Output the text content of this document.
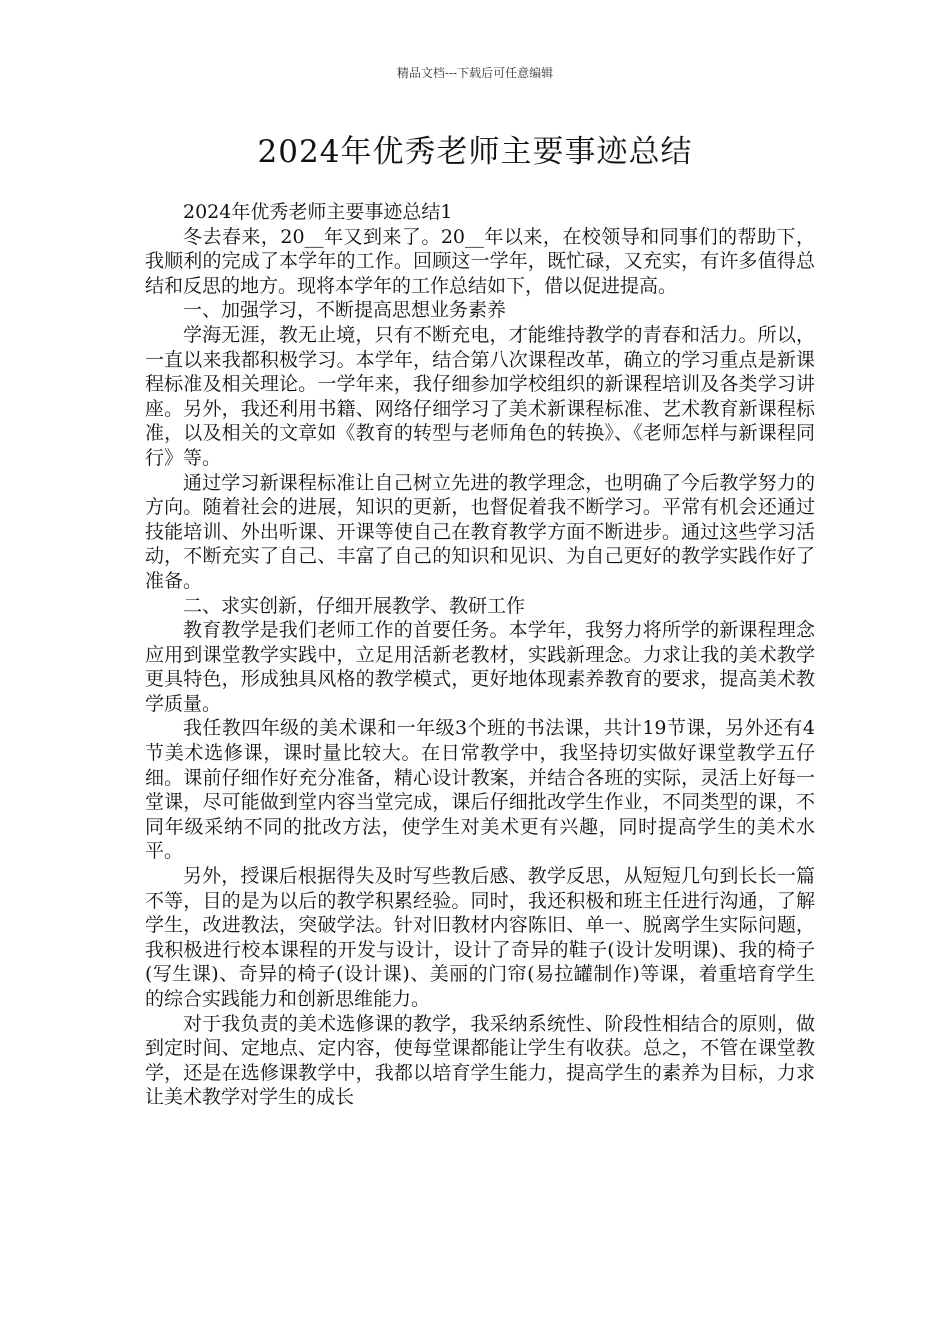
精品文档---下载后可任意编辑
2024年优秀老师主要事迹总结

2024年优秀老师主要事迹总结1

冬去春来，20__年又到来了。20__年以来，在校领导和同事们的帮助下，我顺利的完成了本学年的工作。回顾这一学年，既忙碌，又充实，有许多值得总结和反思的地方。现将本学年的工作总结如下，借以促进提高。

一、加强学习，不断提高思想业务素养

学海无涯，教无止境，只有不断充电，才能维持教学的青春和活力。所以，一直以来我都积极学习。本学年，结合第八次课程改革，确立的学习重点是新课程标准及相关理论。一学年来，我仔细参加学校组织的新课程培训及各类学习讲座。另外，我还利用书籍、网络仔细学习了美术新课程标准、艺术教育新课程标准，以及相关的文章如《教育的转型与老师角色的转换》、《老师怎样与新课程同行》等。

通过学习新课程标准让自己树立先进的教学理念，也明确了今后教学努力的方向。随着社会的进展，知识的更新，也督促着我不断学习。平常有机会还通过技能培训、外出听课、开课等使自己在教育教学方面不断进步。通过这些学习活动，不断充实了自己、丰富了自己的知识和见识、为自己更好的教学实践作好了准备。

二、求实创新，仔细开展教学、教研工作

教育教学是我们老师工作的首要任务。本学年，我努力将所学的新课程理念应用到课堂教学实践中，立足用活新老教材，实践新理念。力求让我的美术教学更具特色，形成独具风格的教学模式，更好地体现素养教育的要求，提高美术教学质量。

我任教四年级的美术课和一年级3个班的书法课，共计19节课，另外还有4节美术选修课，课时量比较大。在日常教学中，我坚持切实做好课堂教学五仔细。课前仔细作好充分准备，精心设计教案，并结合各班的实际，灵活上好每一堂课，尽可能做到堂内容当堂完成，课后仔细批改学生作业，不同类型的课，不同年级采纳不同的批改方法，使学生对美术更有兴趣，同时提高学生的美术水平。

另外，授课后根据得失及时写些教后感、教学反思，从短短几句到长长一篇不等，目的是为以后的教学积累经验。同时，我还积极和班主任进行沟通，了解学生，改进教法，突破学法。针对旧教材内容陈旧、单一、脱离学生实际问题，我积极进行校本课程的开发与设计，设计了奇异的鞋子(设计发明课)、我的椅子(写生课)、奇异的椅子(设计课)、美丽的门帘(易拉罐制作)等课，着重培育学生的综合实践能力和创新思维能力。

对于我负责的美术选修课的教学，我采纳系统性、阶段性相结合的原则，做到定时间、定地点、定内容，使每堂课都能让学生有收获。总之，不管在课堂教学，还是在选修课教学中，我都以培育学生能力，提高学生的素养为目标，力求让美术教学对学生的成长
